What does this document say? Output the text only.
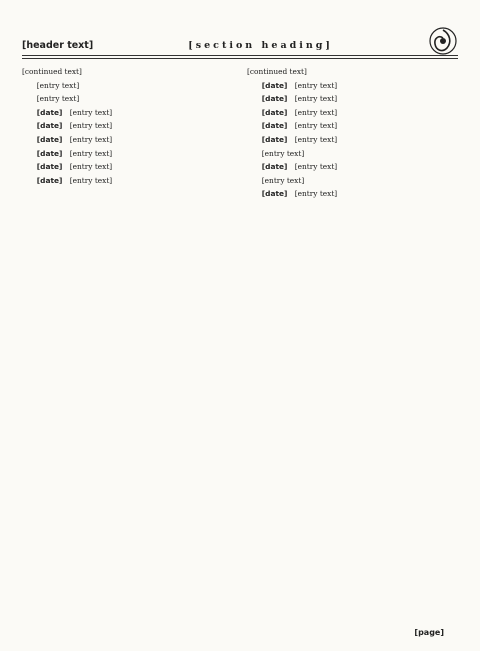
[header text]	[section heading]

[continued text]

[entry text]

[entry text]

[date]　[entry text]

[date]　[entry text]

[date]　[entry text]

[date]　[entry text]

[date]　[entry text]

[date]　[entry text]

[continued text]

[date]　[entry text]

[date]　[entry text]

[date]　[entry text]

[date]　[entry text]

[date]　[entry text]

[entry text]

[date]　[entry text]

[entry text]

[date]　[entry text]

[page]
